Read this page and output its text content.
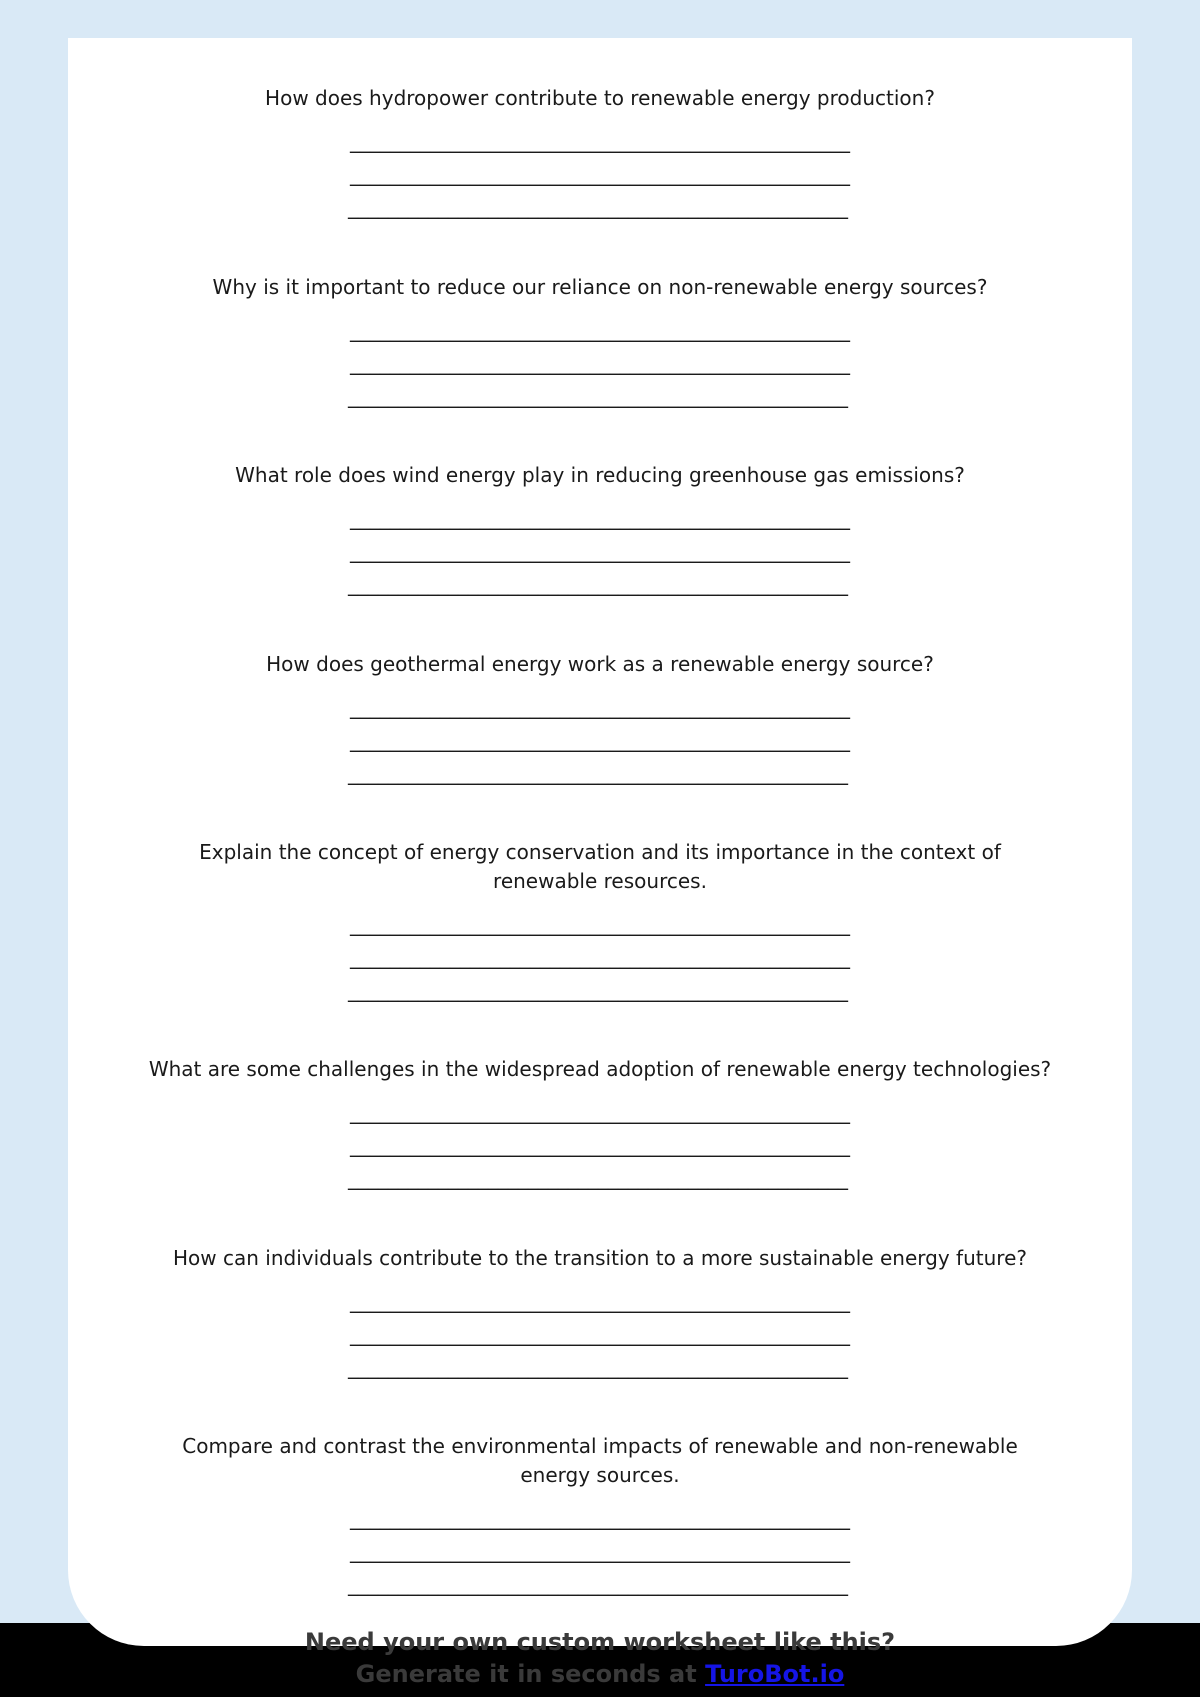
How does hydropower contribute to renewable energy production?

__________________________________________________
__________________________________________________
__________________________________________________

Why is it important to reduce our reliance on non-renewable energy sources?

__________________________________________________
__________________________________________________
__________________________________________________

What role does wind energy play in reducing greenhouse gas emissions?

__________________________________________________
__________________________________________________
__________________________________________________

How does geothermal energy work as a renewable energy source?

__________________________________________________
__________________________________________________
__________________________________________________

Explain the concept of energy conservation and its importance in the context of renewable resources.

__________________________________________________
__________________________________________________
__________________________________________________

What are some challenges in the widespread adoption of renewable energy technologies?

__________________________________________________
__________________________________________________
__________________________________________________

How can individuals contribute to the transition to a more sustainable energy future?

__________________________________________________
__________________________________________________
__________________________________________________

Compare and contrast the environmental impacts of renewable and non-renewable energy sources.

__________________________________________________
__________________________________________________
__________________________________________________
Need your own custom worksheet like this?
Generate it in seconds at TuroBot.io
